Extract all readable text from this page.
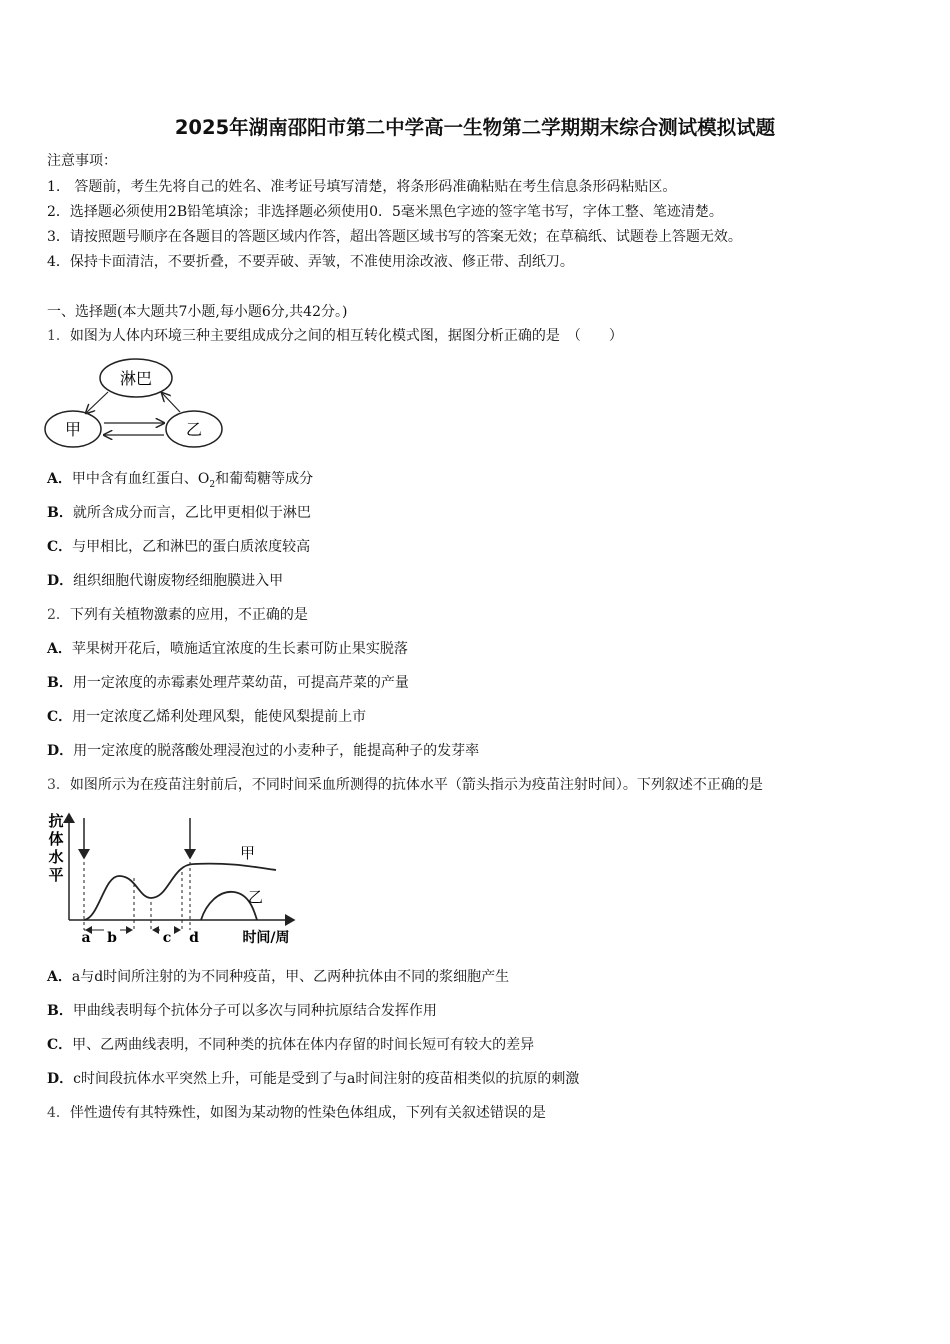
2025年湖南邵阳市第二中学高一生物第二学期期末综合测试模拟试题
注意事项：
1.　答题前，考生先将自己的姓名、准考证号填写清楚，将条形码准确粘贴在考生信息条形码粘贴区。
2．选择题必须使用2B铅笔填涂；非选择题必须使用0．5毫米黑色字迹的签字笔书写，字体工整、笔迹清楚。
3．请按照题号顺序在各题目的答题区域内作答，超出答题区域书写的答案无效；在草稿纸、试题卷上答题无效。
4．保持卡面清洁，不要折叠，不要弄破、弄皱，不准使用涂改液、修正带、刮纸刀。
一、选择题(本大题共7小题,每小题6分,共42分。)
1．如图为人体内环境三种主要组成成分之间的相互转化模式图，据图分析正确的是　（　　）
淋巴
甲	乙
A．甲中含有血红蛋白、$O_2$和葡萄糖等成分
B．就所含成分而言，乙比甲更相似于淋巴
C．与甲相比，乙和淋巴的蛋白质浓度较高
D．组织细胞代谢废物经细胞膜进入甲
2．下列有关植物激素的应用，不正确的是
A．苹果树开花后，喷施适宜浓度的生长素可防止果实脱落
B．用一定浓度的赤霉素处理芹菜幼苗，可提高芹菜的产量
C．用一定浓度乙烯利处理风梨，能使风梨提前上市
D．用一定浓度的脱落酸处理浸泡过的小麦种子，能提高种子的发芽率
3．如图所示为在疫苗注射前后，不同时间采血所测得的抗体水平（箭头指示为疫苗注射时间）。下列叙述不正确的是
抗
体
水
平
甲
乙
a b	c d	时间/周
A．a与d时间所注射的为不同种疫苗，甲、乙两种抗体由不同的浆细胞产生
B．甲曲线表明每个抗体分子可以多次与同种抗原结合发挥作用
C．甲、乙两曲线表明，不同种类的抗体在体内存留的时间长短可有较大的差异
D．c时间段抗体水平突然上升，可能是受到了与a时间注射的疫苗相类似的抗原的刺激
4．伴性遗传有其特殊性，如图为某动物的性染色体组成，下列有关叙述错误的是
